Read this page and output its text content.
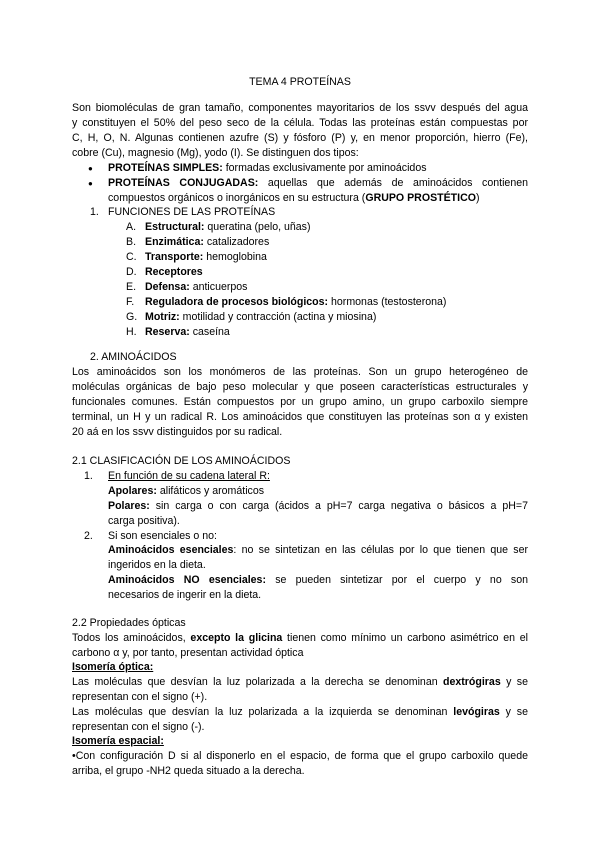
TEMA 4 PROTEÍNAS
Son biomoléculas de gran tamaño, componentes mayoritarios de los ssvv después del agua
y constituyen el 50% del peso seco de la célula. Todas las proteínas están compuestas por
C, H, O, N. Algunas contienen azufre (S) y fósforo (P) y, en menor proporción, hierro (Fe),
cobre (Cu), magnesio (Mg), yodo (I). Se distinguen dos tipos:
● PROTEÍNAS SIMPLES: formadas exclusivamente por aminoácidos
● PROTEÍNAS CONJUGADAS: aquellas que además de aminoácidos contienen
compuestos orgánicos o inorgánicos en su estructura (GRUPO PROSTÉTICO)
1. FUNCIONES DE LAS PROTEÍNAS
A. Estructural: queratina (pelo, uñas)
B. Enzimática: catalizadores
C. Transporte: hemoglobina
D. Receptores
E. Defensa: anticuerpos
F. Reguladora de procesos biológicos: hormonas (testosterona)
G. Motriz: motilidad y contracción (actina y miosina)
H. Reserva: caseína
2. AMINOÁCIDOS
Los aminoácidos son los monómeros de las proteínas. Son un grupo heterogéneo de
moléculas orgánicas de bajo peso molecular y que poseen características estructurales y
funcionales comunes. Están compuestos por un grupo amino, un grupo carboxilo siempre
terminal, un H y un radical R. Los aminoácidos que constituyen las proteínas son α y existen
20 aá en los ssvv distinguidos por su radical.
2.1 CLASIFICACIÓN DE LOS AMINOÁCIDOS
1. En función de su cadena lateral R:
Apolares: alifáticos y aromáticos
Polares: sin carga o con carga (ácidos a pH=7 carga negativa o básicos a pH=7
carga positiva).
2. Si son esenciales o no:
Aminoácidos esenciales: no se sintetizan en las células por lo que tienen que ser
ingeridos en la dieta.
Aminoácidos NO esenciales: se pueden sintetizar por el cuerpo y no son
necesarios de ingerir en la dieta.
2.2 Propiedades ópticas
Todos los aminoácidos, excepto la glicina tienen como mínimo un carbono asimétrico en el
carbono α y, por tanto, presentan actividad óptica
Isomería óptica:
Las moléculas que desvían la luz polarizada a la derecha se denominan dextrógiras y se
representan con el signo (+).
Las moléculas que desvían la luz polarizada a la izquierda se denominan levógiras y se
representan con el signo (-).
Isomería espacial:
•Con configuración D si al disponerlo en el espacio, de forma que el grupo carboxilo quede
arriba, el grupo -NH2 queda situado a la derecha.
